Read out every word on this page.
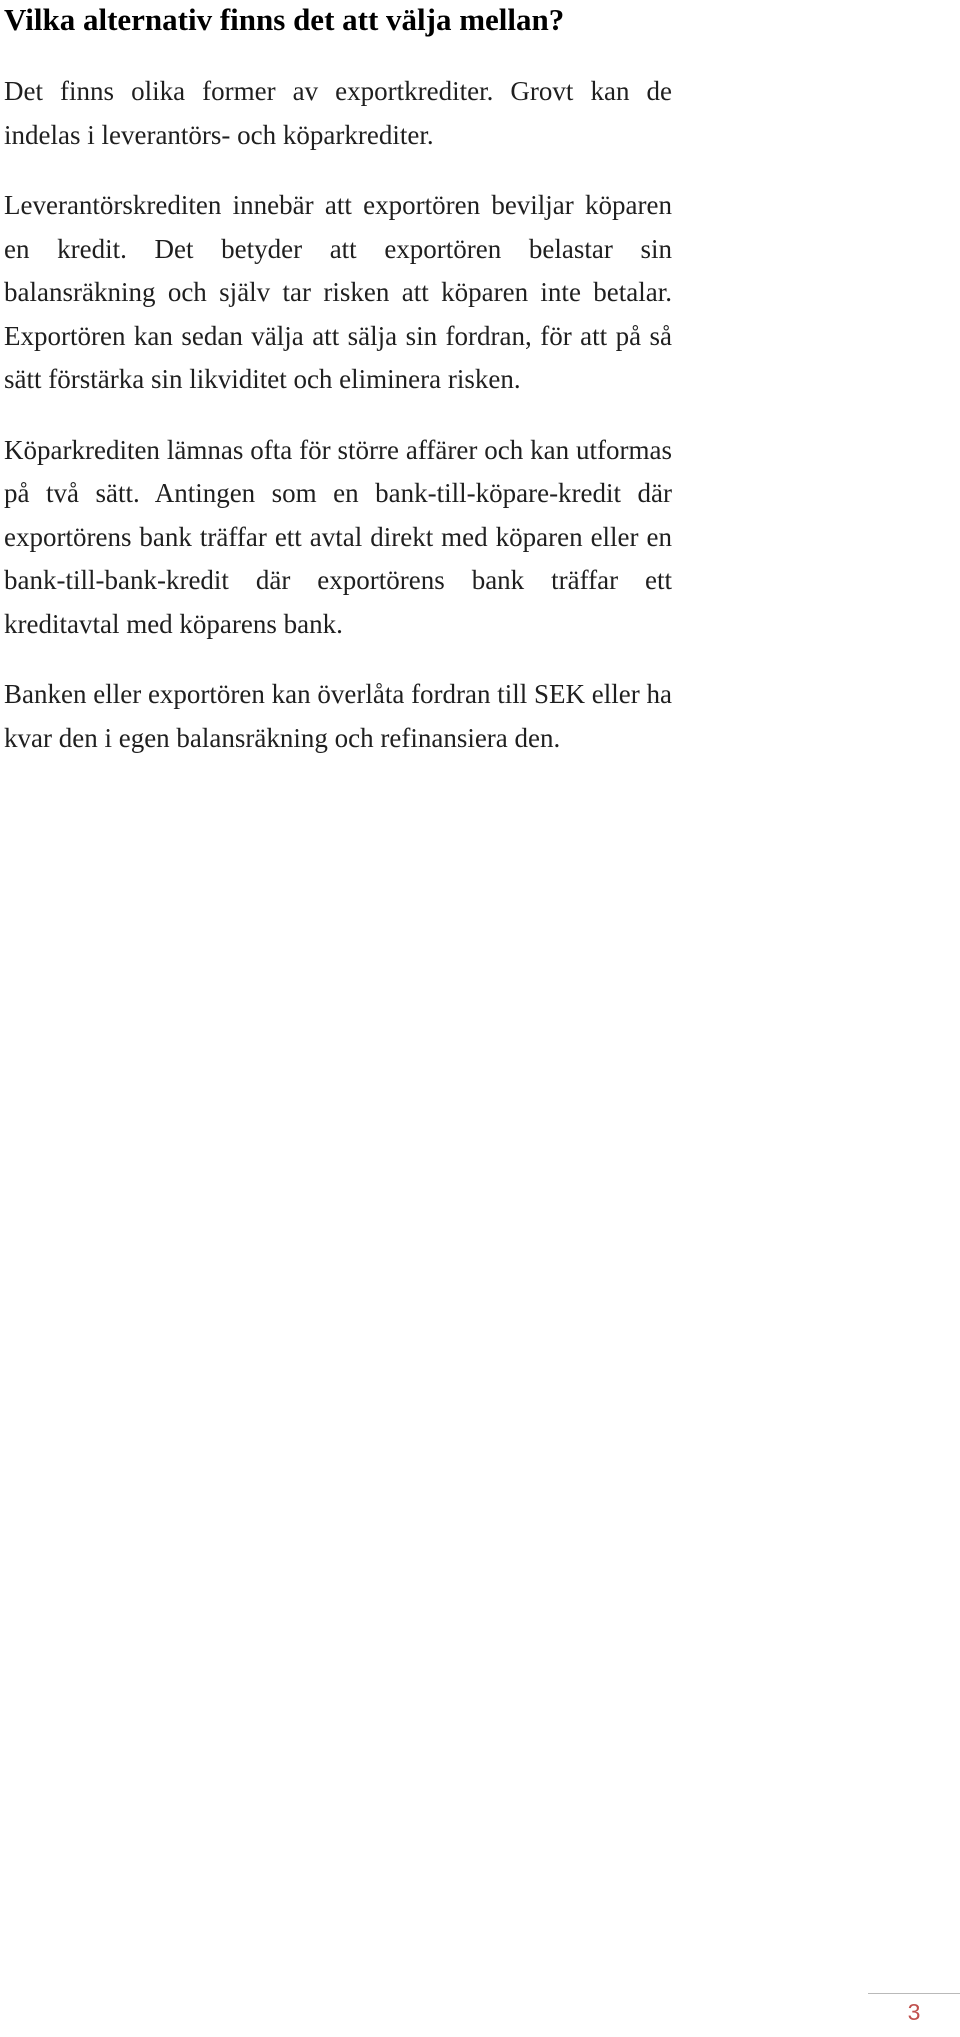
Vilka alternativ finns det att välja mellan?

Det finns olika former av exportkrediter. Grovt kan de indelas i leverantörs- och köparkrediter.

Leverantörskrediten innebär att exportören beviljar köparen en kredit. Det betyder att exportören belastar sin balansräkning och själv tar risken att köparen inte betalar. Exportören kan sedan välja att sälja sin fordran, för att på så sätt förstärka sin likviditet och eliminera risken.

Köparkrediten lämnas ofta för större affärer och kan utformas på två sätt. Antingen som en bank-till-köpare-kredit där exportörens bank träffar ett avtal direkt med köparen eller en bank-till-bank-kredit där exportörens bank träffar ett kreditavtal med köparens bank.

Banken eller exportören kan överlåta fordran till SEK eller ha kvar den i egen balansräkning och refinansiera den.

3
